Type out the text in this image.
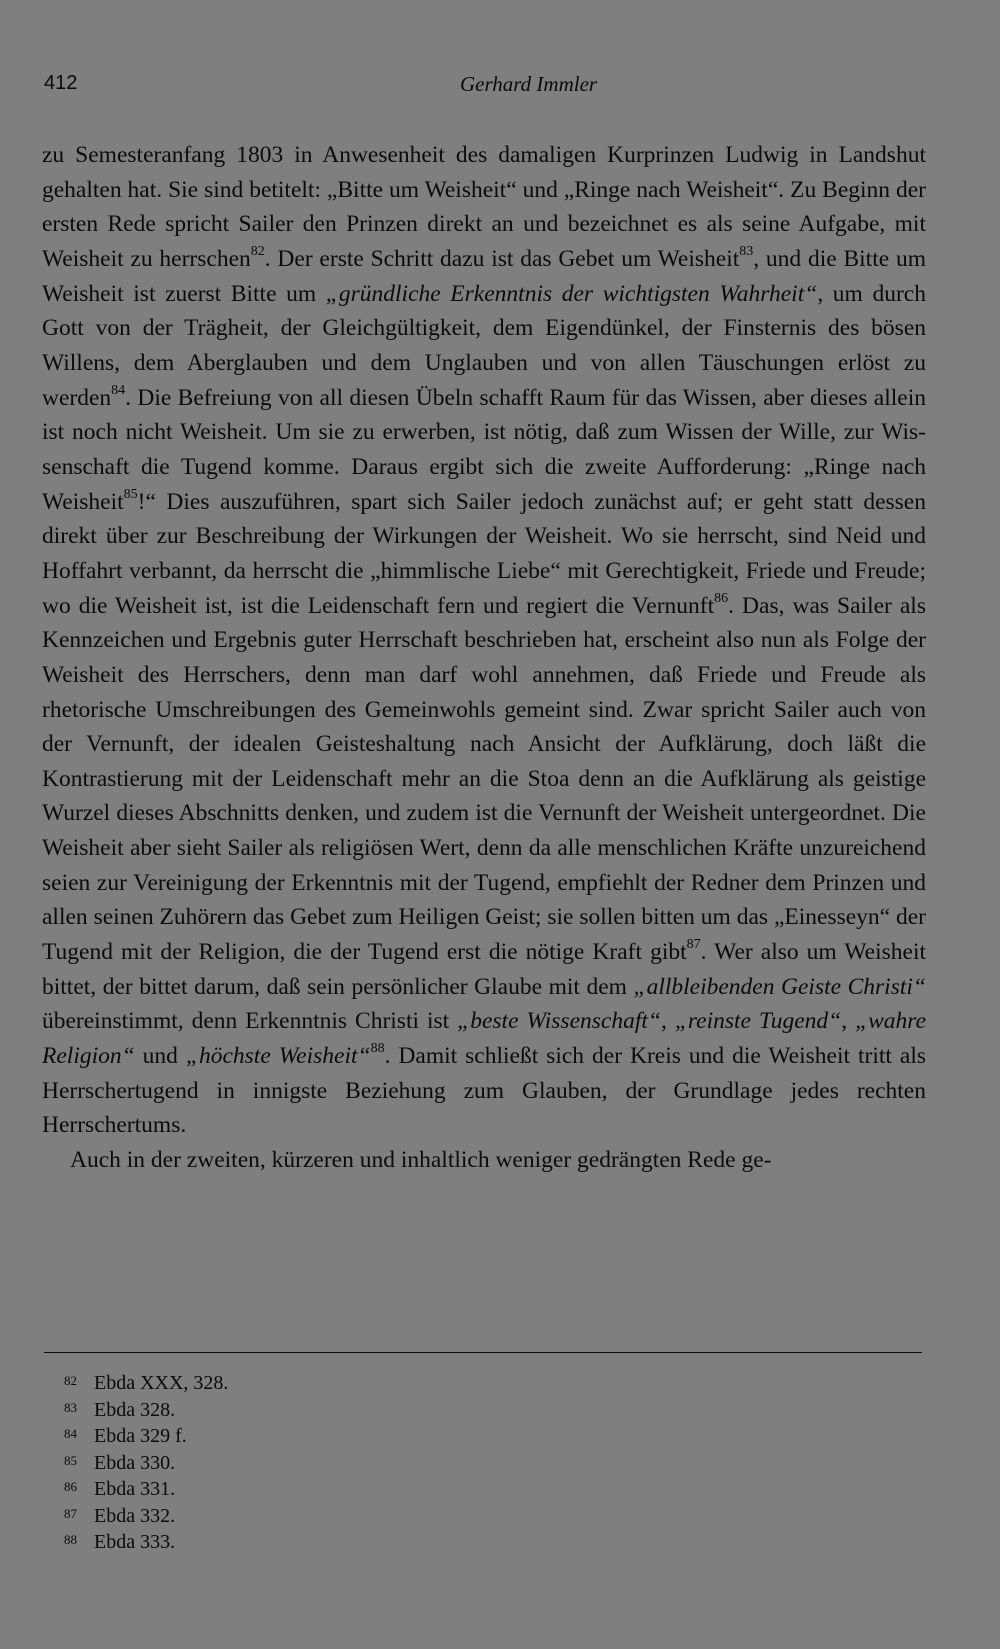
412	Gerhard Immler

zu Semesteranfang 1803 in Anwesenheit des damaligen Kurprinzen Ludwig in Landshut gehalten hat. Sie sind betitelt: „Bitte um Weisheit“ und „Ringe nach Weisheit“. Zu Beginn der ersten Rede spricht Sailer den Prinzen direkt an und bezeichnet es als seine Aufgabe, mit Weisheit zu herrschen$^{82}$. Der erste Schritt dazu ist das Gebet um Weisheit$^{83}$, und die Bitte um Weisheit ist zuerst Bitte um „gründliche Erkenntnis der wichtigsten Wahrheit“, um durch Gott von der Trägheit, der Gleichgültigkeit, dem Eigendünkel, der Finsternis des bösen Willens, dem Aberglauben und dem Unglauben und von allen Täuschungen erlöst zu werden$^{84}$. Die Befreiung von all diesen Übeln schafft Raum für das Wissen, aber dieses allein ist noch nicht Weisheit. Um sie zu erwerben, ist nötig, daß zum Wissen der Wille, zur Wissenschaft die Tugend komme. Daraus ergibt sich die zweite Aufforderung: „Ringe nach Weisheit$^{85}$!“ Dies auszuführen, spart sich Sailer jedoch zunächst auf; er geht statt dessen direkt über zur Beschreibung der Wirkungen der Weisheit. Wo sie herrscht, sind Neid und Hoffahrt verbannt, da herrscht die „himmlische Liebe“ mit Gerechtigkeit, Friede und Freude; wo die Weisheit ist, ist die Leidenschaft fern und regiert die Vernunft$^{86}$. Das, was Sailer als Kennzeichen und Ergebnis guter Herrschaft beschrieben hat, erscheint also nun als Folge der Weisheit des Herrschers, denn man darf wohl annehmen, daß Friede und Freude als rhetorische Umschreibungen des Gemeinwohls gemeint sind. Zwar spricht Sailer auch von der Vernunft, der idealen Geisteshaltung nach Ansicht der Aufklärung, doch läßt die Kontrastierung mit der Leidenschaft mehr an die Stoa denn an die Aufklärung als geistige Wurzel dieses Abschnitts denken, und zudem ist die Vernunft der Weisheit untergeordnet. Die Weisheit aber sieht Sailer als religiösen Wert, denn da alle menschlichen Kräfte unzureichend seien zur Vereinigung der Erkenntnis mit der Tugend, empfiehlt der Redner dem Prinzen und allen seinen Zuhörern das Gebet zum Heiligen Geist; sie sollen bitten um das „Einesseyn“ der Tugend mit der Religion, die der Tugend erst die nötige Kraft gibt$^{87}$. Wer also um Weisheit bittet, der bittet darum, daß sein persönlicher Glaube mit dem „allbleibenden Geiste Christi“ übereinstimmt, denn Erkenntnis Christi ist „beste Wissenschaft“, „reinste Tugend“, „wahre Religion“ und „höchste Weisheit“$^{88}$. Damit schließt sich der Kreis und die Weisheit tritt als Herrschertugend in innigste Beziehung zum Glauben, der Grundlage jedes rechten Herrschertums.

Auch in der zweiten, kürzeren und inhaltlich weniger gedrängten Rede ge-

82 Ebda XXX, 328.
83 Ebda 328.
84 Ebda 329 f.
85 Ebda 330.
86 Ebda 331.
87 Ebda 332.
88 Ebda 333.
